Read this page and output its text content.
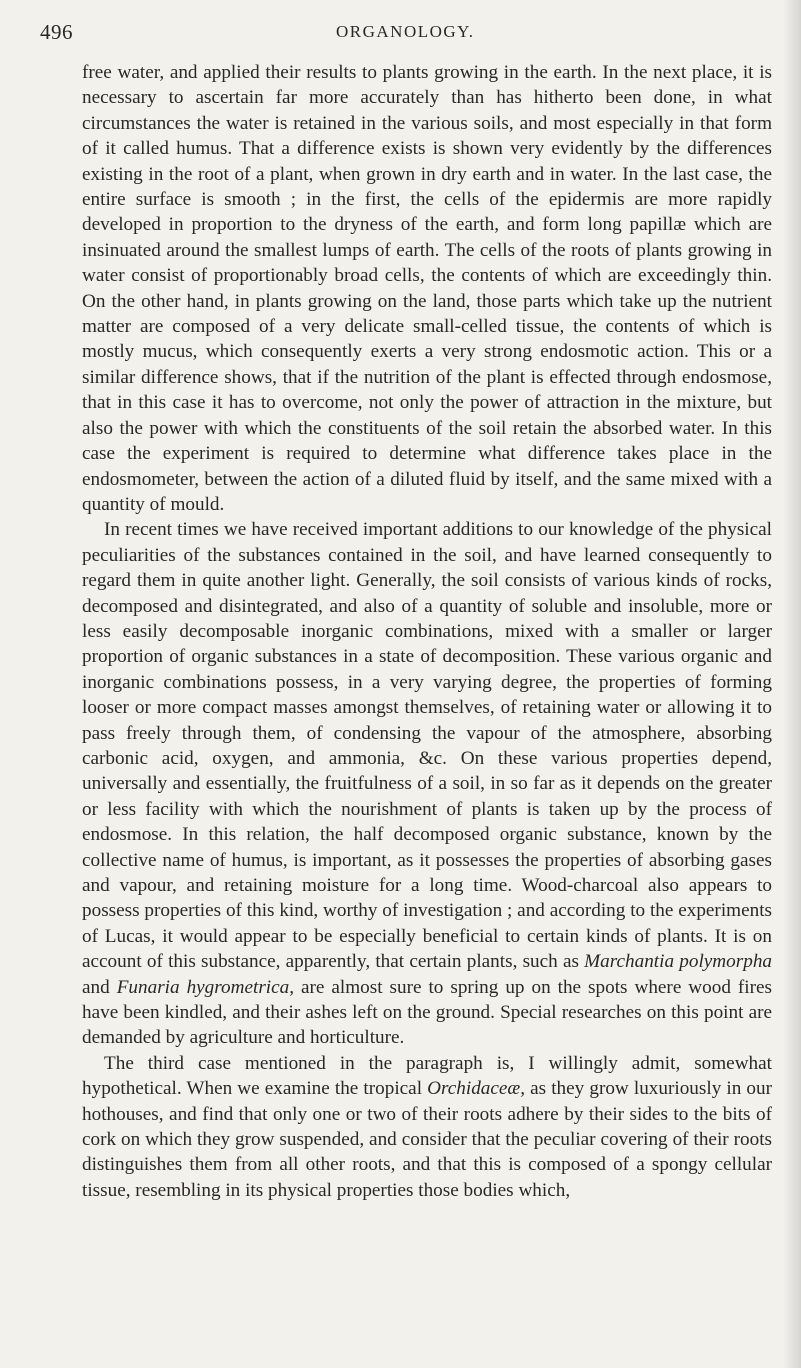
496	ORGANOLOGY.

free water, and applied their results to plants growing in the earth. In the next place, it is necessary to ascertain far more accurately than has hitherto been done, in what circumstances the water is retained in the various soils, and most especially in that form of it called humus. That a difference exists is shown very evidently by the differences existing in the root of a plant, when grown in dry earth and in water. In the last case, the entire surface is smooth ; in the first, the cells of the epidermis are more rapidly developed in proportion to the dryness of the earth, and form long papillæ which are insinuated around the smallest lumps of earth. The cells of the roots of plants growing in water consist of proportionably broad cells, the contents of which are exceedingly thin. On the other hand, in plants growing on the land, those parts which take up the nutrient matter are composed of a very delicate small-celled tissue, the contents of which is mostly mucus, which consequently exerts a very strong endosmotic action. This or a similar difference shows, that if the nutrition of the plant is effected through endosmose, that in this case it has to overcome, not only the power of attraction in the mixture, but also the power with which the constituents of the soil retain the absorbed water. In this case the experiment is required to determine what difference takes place in the endosmometer, between the action of a diluted fluid by itself, and the same mixed with a quantity of mould.

In recent times we have received important additions to our knowledge of the physical peculiarities of the substances contained in the soil, and have learned consequently to regard them in quite another light. Generally, the soil consists of various kinds of rocks, decomposed and disintegrated, and also of a quantity of soluble and insoluble, more or less easily decomposable inorganic combinations, mixed with a smaller or larger proportion of organic substances in a state of decomposition. These various organic and inorganic combinations possess, in a very varying degree, the properties of forming looser or more compact masses amongst themselves, of retaining water or allowing it to pass freely through them, of condensing the vapour of the atmosphere, absorbing carbonic acid, oxygen, and ammonia, &c. On these various properties depend, universally and essentially, the fruitfulness of a soil, in so far as it depends on the greater or less facility with which the nourishment of plants is taken up by the process of endosmose. In this relation, the half decomposed organic substance, known by the collective name of humus, is important, as it possesses the properties of absorbing gases and vapour, and retaining moisture for a long time. Wood-charcoal also appears to possess properties of this kind, worthy of investigation ; and according to the experiments of Lucas, it would appear to be especially beneficial to certain kinds of plants. It is on account of this substance, apparently, that certain plants, such as Marchantia polymorpha and Funaria hygrometrica, are almost sure to spring up on the spots where wood fires have been kindled, and their ashes left on the ground. Special researches on this point are demanded by agriculture and horticulture.

The third case mentioned in the paragraph is, I willingly admit, somewhat hypothetical. When we examine the tropical Orchidaceæ, as they grow luxuriously in our hothouses, and find that only one or two of their roots adhere by their sides to the bits of cork on which they grow suspended, and consider that the peculiar covering of their roots distinguishes them from all other roots, and that this is composed of a spongy cellular tissue, resembling in its physical properties those bodies which,
